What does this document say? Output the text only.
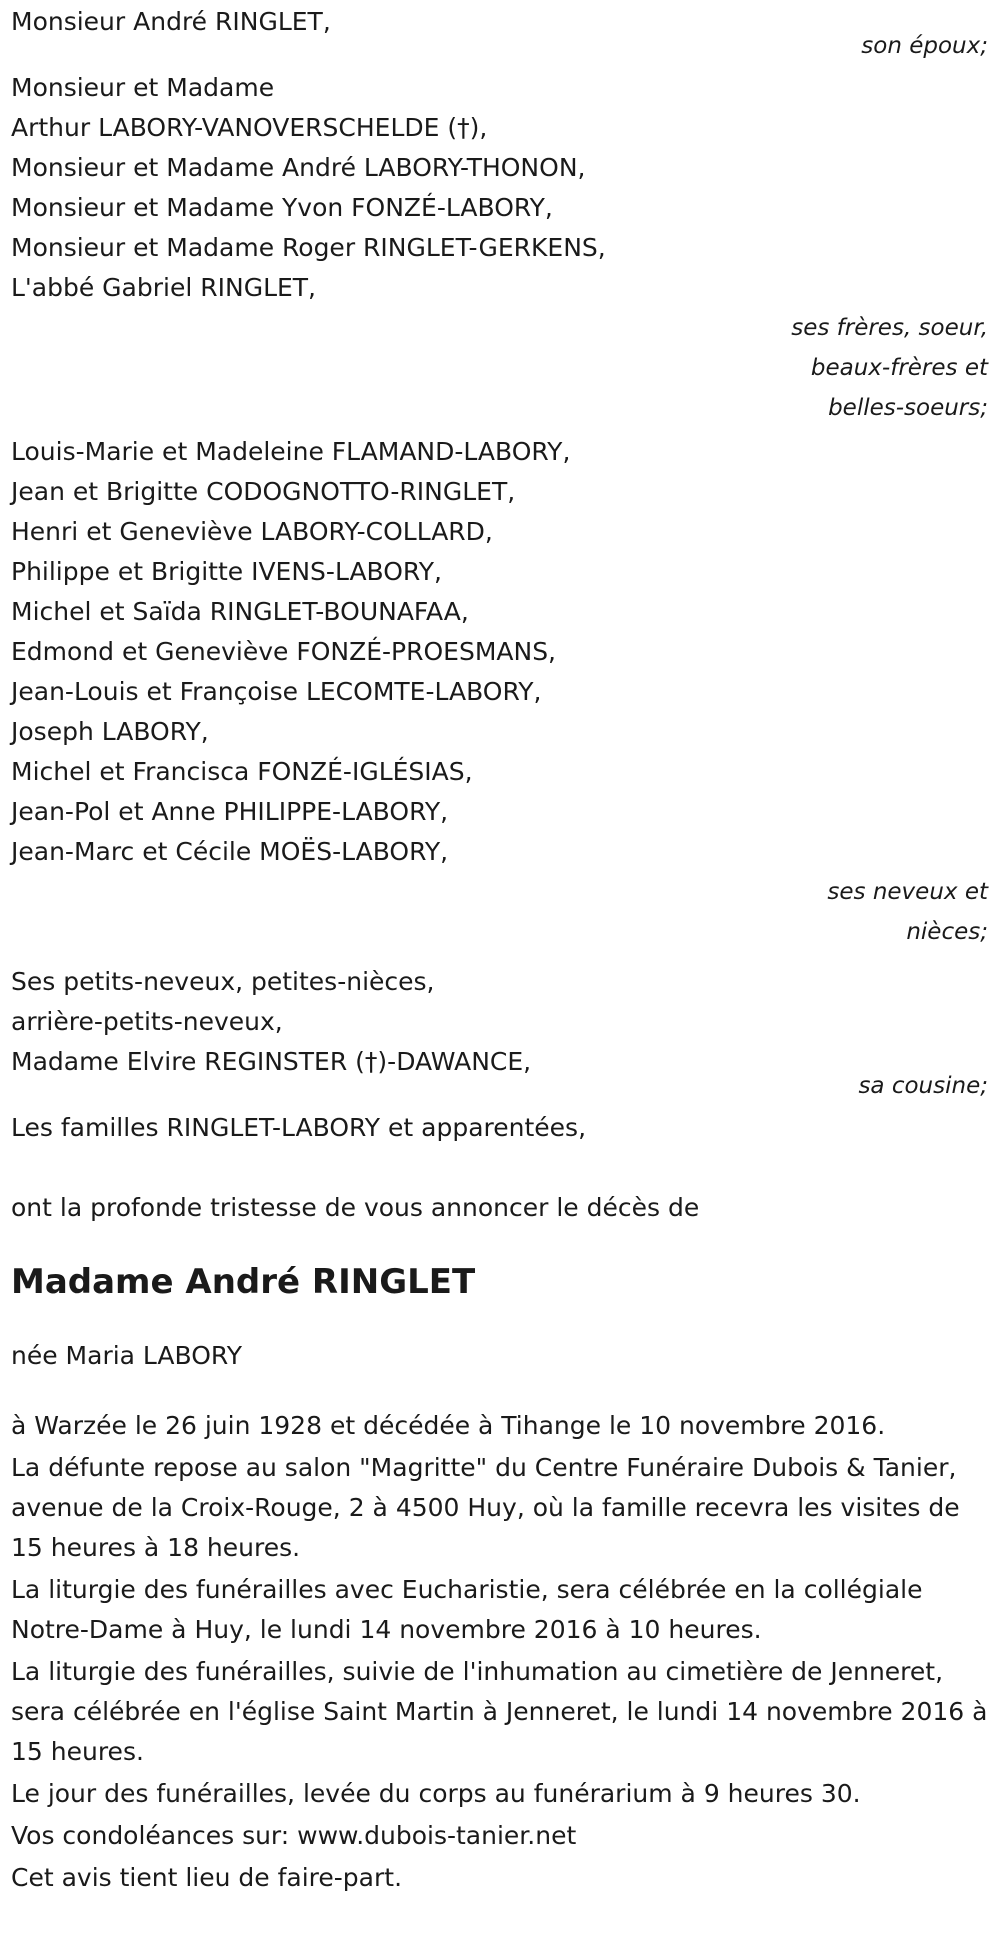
Monsieur André RINGLET,
son époux;
Monsieur et Madame
Arthur LABORY-VANOVERSCHELDE (†),
Monsieur et Madame André LABORY-THONON,
Monsieur et Madame Yvon FONZÉ-LABORY,
Monsieur et Madame Roger RINGLET-GERKENS,
L'abbé Gabriel RINGLET,
ses frères, soeur,
beaux-frères et
belles-soeurs;
Louis-Marie et Madeleine FLAMAND-LABORY,
Jean et Brigitte CODOGNOTTO-RINGLET,
Henri et Geneviève LABORY-COLLARD,
Philippe et Brigitte IVENS-LABORY,
Michel et Saïda RINGLET-BOUNAFAA,
Edmond et Geneviève FONZÉ-PROESMANS,
Jean-Louis et Françoise LECOMTE-LABORY,
Joseph LABORY,
Michel et Francisca FONZÉ-IGLÉSIAS,
Jean-Pol et Anne PHILIPPE-LABORY,
Jean-Marc et Cécile MOËS-LABORY,
ses neveux et
nièces;
Ses petits-neveux, petites-nièces,
arrière-petits-neveux,
Madame Elvire REGINSTER (†)-DAWANCE,
sa cousine;
Les familles RINGLET-LABORY et apparentées,
ont la profonde tristesse de vous annoncer le décès de
Madame André RINGLET
née Maria LABORY

à Warzée le 26 juin 1928 et décédée à Tihange le 10 novembre 2016.

La défunte repose au salon "Magritte" du Centre Funéraire Dubois & Tanier, avenue de la Croix-Rouge, 2 à 4500 Huy, où la famille recevra les visites de 15 heures à 18 heures.

La liturgie des funérailles avec Eucharistie, sera célébrée en la collégiale Notre-Dame à Huy, le lundi 14 novembre 2016 à 10 heures.

La liturgie des funérailles, suivie de l'inhumation au cimetière de Jenneret, sera célébrée en l'église Saint Martin à Jenneret, le lundi 14 novembre 2016 à 15 heures.

Le jour des funérailles, levée du corps au funérarium à 9 heures 30.

Vos condoléances sur: www.dubois-tanier.net

Cet avis tient lieu de faire-part.
